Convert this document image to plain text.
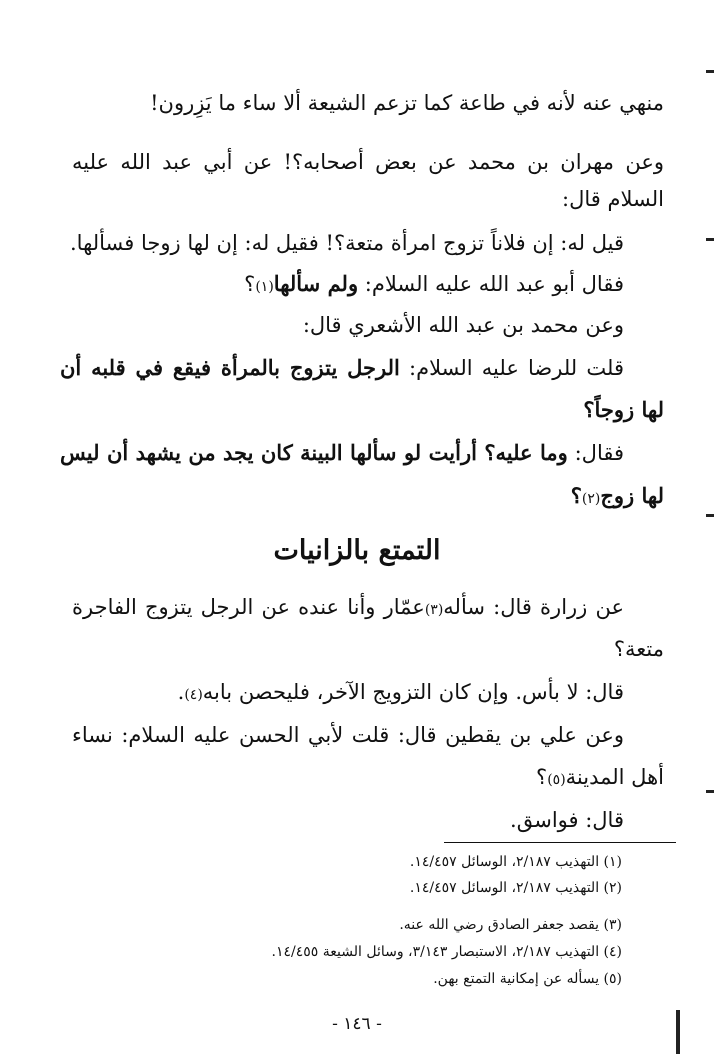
منهي عنه لأنه في طاعة كما تزعم الشيعة ألا ساء ما يَزِرون!
وعن مهران بن محمد عن بعض أصحابه؟! عن أبي عبد الله عليه
السلام قال:
قيل له: إن فلاناً تزوج امرأة متعة؟! فقيل له: إن لها زوجا فسألها.
فقال أبو عبد الله عليه السلام: ولم سألها(١)؟
وعن محمد بن عبد الله الأشعري قال:
قلت للرضا عليه السلام: الرجل يتزوج بالمرأة فيقع في قلبه أن
لها زوجاً؟
فقال: وما عليه؟ أرأيت لو سألها البينة كان يجد من يشهد أن ليس
لها زوج(٢)؟
التمتع بالزانيات
عن زرارة قال: سأله(٣)عمّار وأنا عنده عن الرجل يتزوج الفاجرة
متعة؟
قال: لا بأس. وإن كان التزويج الآخر، فليحصن بابه(٤).
وعن علي بن يقطين قال: قلت لأبي الحسن عليه السلام: نساء
أهل المدينة(٥)؟
قال: فواسق.
(١) التهذيب ٢/١٨٧، الوسائل ١٤/٤٥٧.
(٢) التهذيب ٢/١٨٧، الوسائل ١٤/٤٥٧.
(٣) يقصد جعفر الصادق رضي الله عنه.
(٤) التهذيب ٢/١٨٧، الاستبصار ٣/١٤٣، وسائل الشيعة ١٤/٤٥٥.
(٥) يسأله عن إمكانية التمتع بهن.
- ١٤٦ -
